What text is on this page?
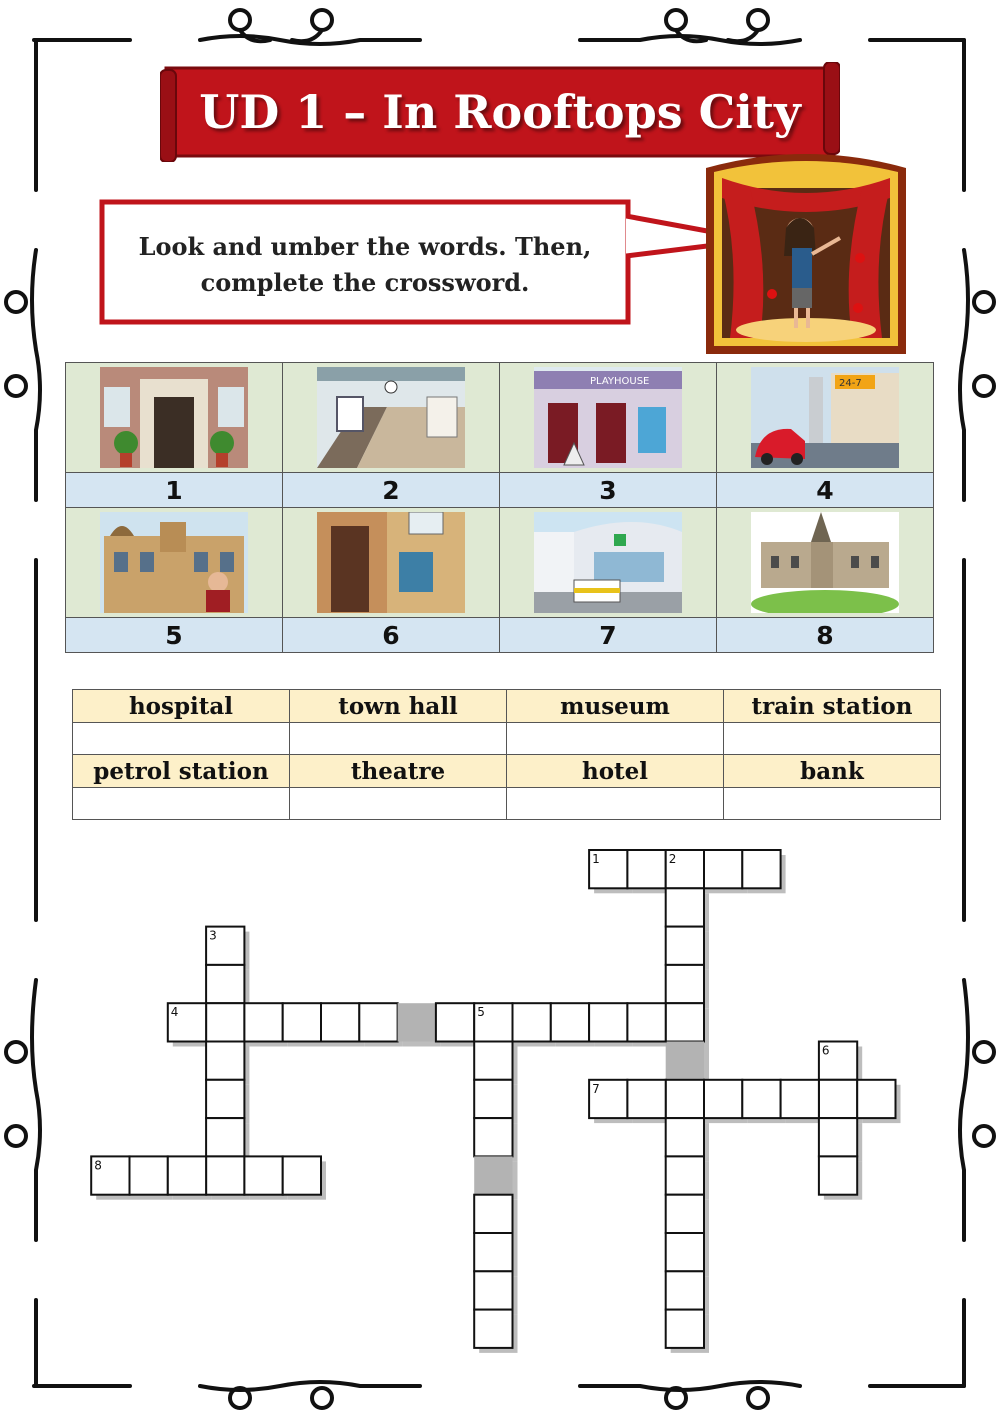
UD 1 – In Rooftops City
Look and umber the words. Then,
complete the crossword.

PLAYHOUSE	24-7

1	2	3	4

5	6	7	8
hospital	town hall	museum	train station

petrol station	theatre	hotel	bank

1	2
3
4	5
6
7
8
